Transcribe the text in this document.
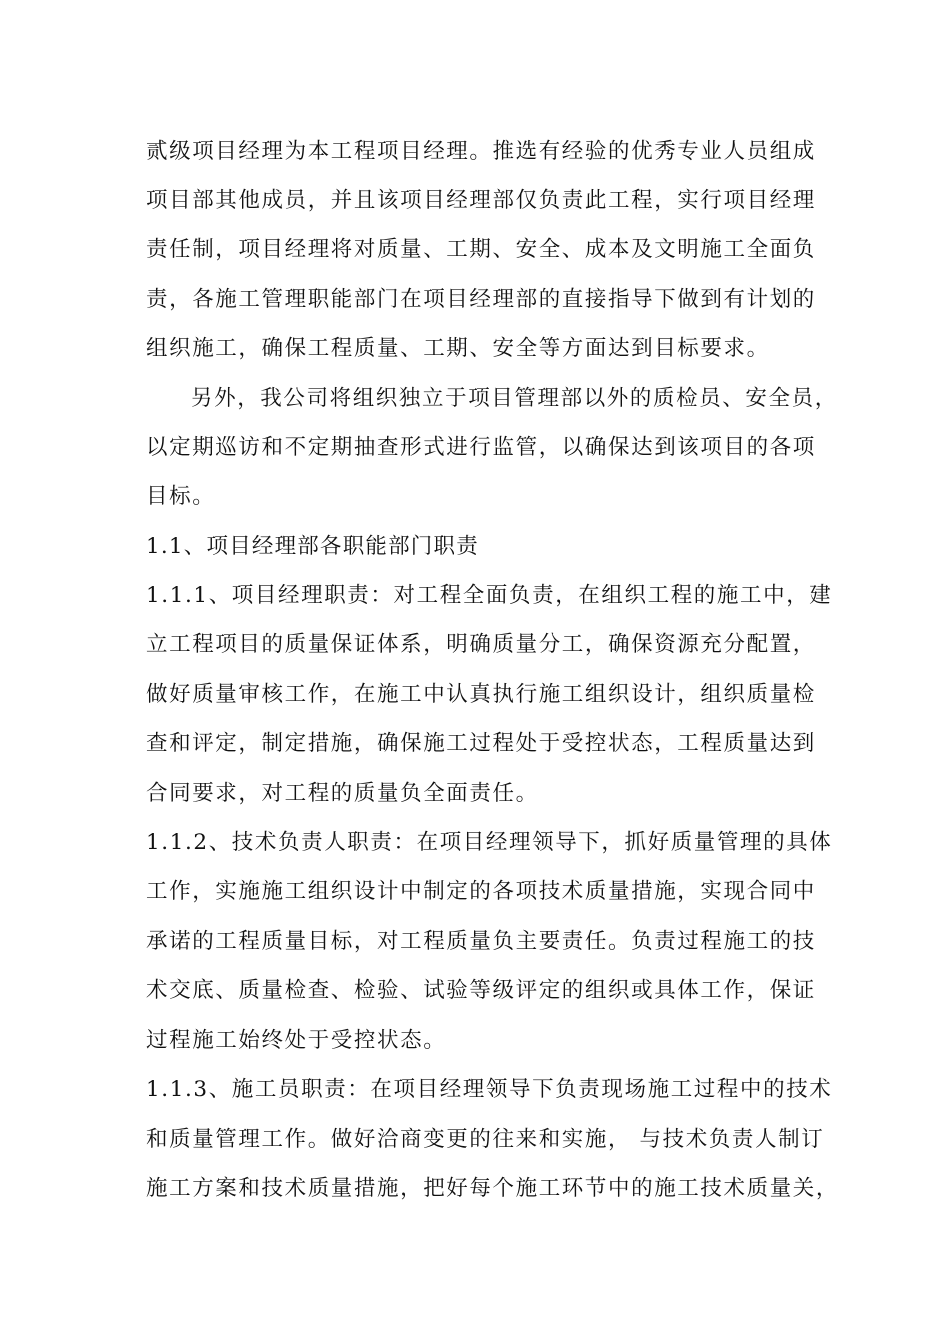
贰级项目经理为本工程项目经理。推选有经验的优秀专业人员组成
项目部其他成员，并且该项目经理部仅负责此工程，实行项目经理
责任制，项目经理将对质量、工期、安全、成本及文明施工全面负
责，各施工管理职能部门在项目经理部的直接指导下做到有计划的
组织施工，确保工程质量、工期、安全等方面达到目标要求。
另外，我公司将组织独立于项目管理部以外的质检员、安全员，
以定期巡访和不定期抽查形式进行监管，以确保达到该项目的各项
目标。
1.1、项目经理部各职能部门职责
1.1.1、项目经理职责：对工程全面负责，在组织工程的施工中，建
立工程项目的质量保证体系，明确质量分工，确保资源充分配置，
做好质量审核工作，在施工中认真执行施工组织设计，组织质量检
查和评定，制定措施，确保施工过程处于受控状态，工程质量达到
合同要求，对工程的质量负全面责任。
1.1.2、技术负责人职责：在项目经理领导下，抓好质量管理的具体
工作，实施施工组织设计中制定的各项技术质量措施，实现合同中
承诺的工程质量目标，对工程质量负主要责任。负责过程施工的技
术交底、质量检查、检验、试验等级评定的组织或具体工作，保证
过程施工始终处于受控状态。
1.1.3、施工员职责：在项目经理领导下负责现场施工过程中的技术
和质量管理工作。做好洽商变更的往来和实施， 与技术负责人制订
施工方案和技术质量措施，把好每个施工环节中的施工技术质量关，
